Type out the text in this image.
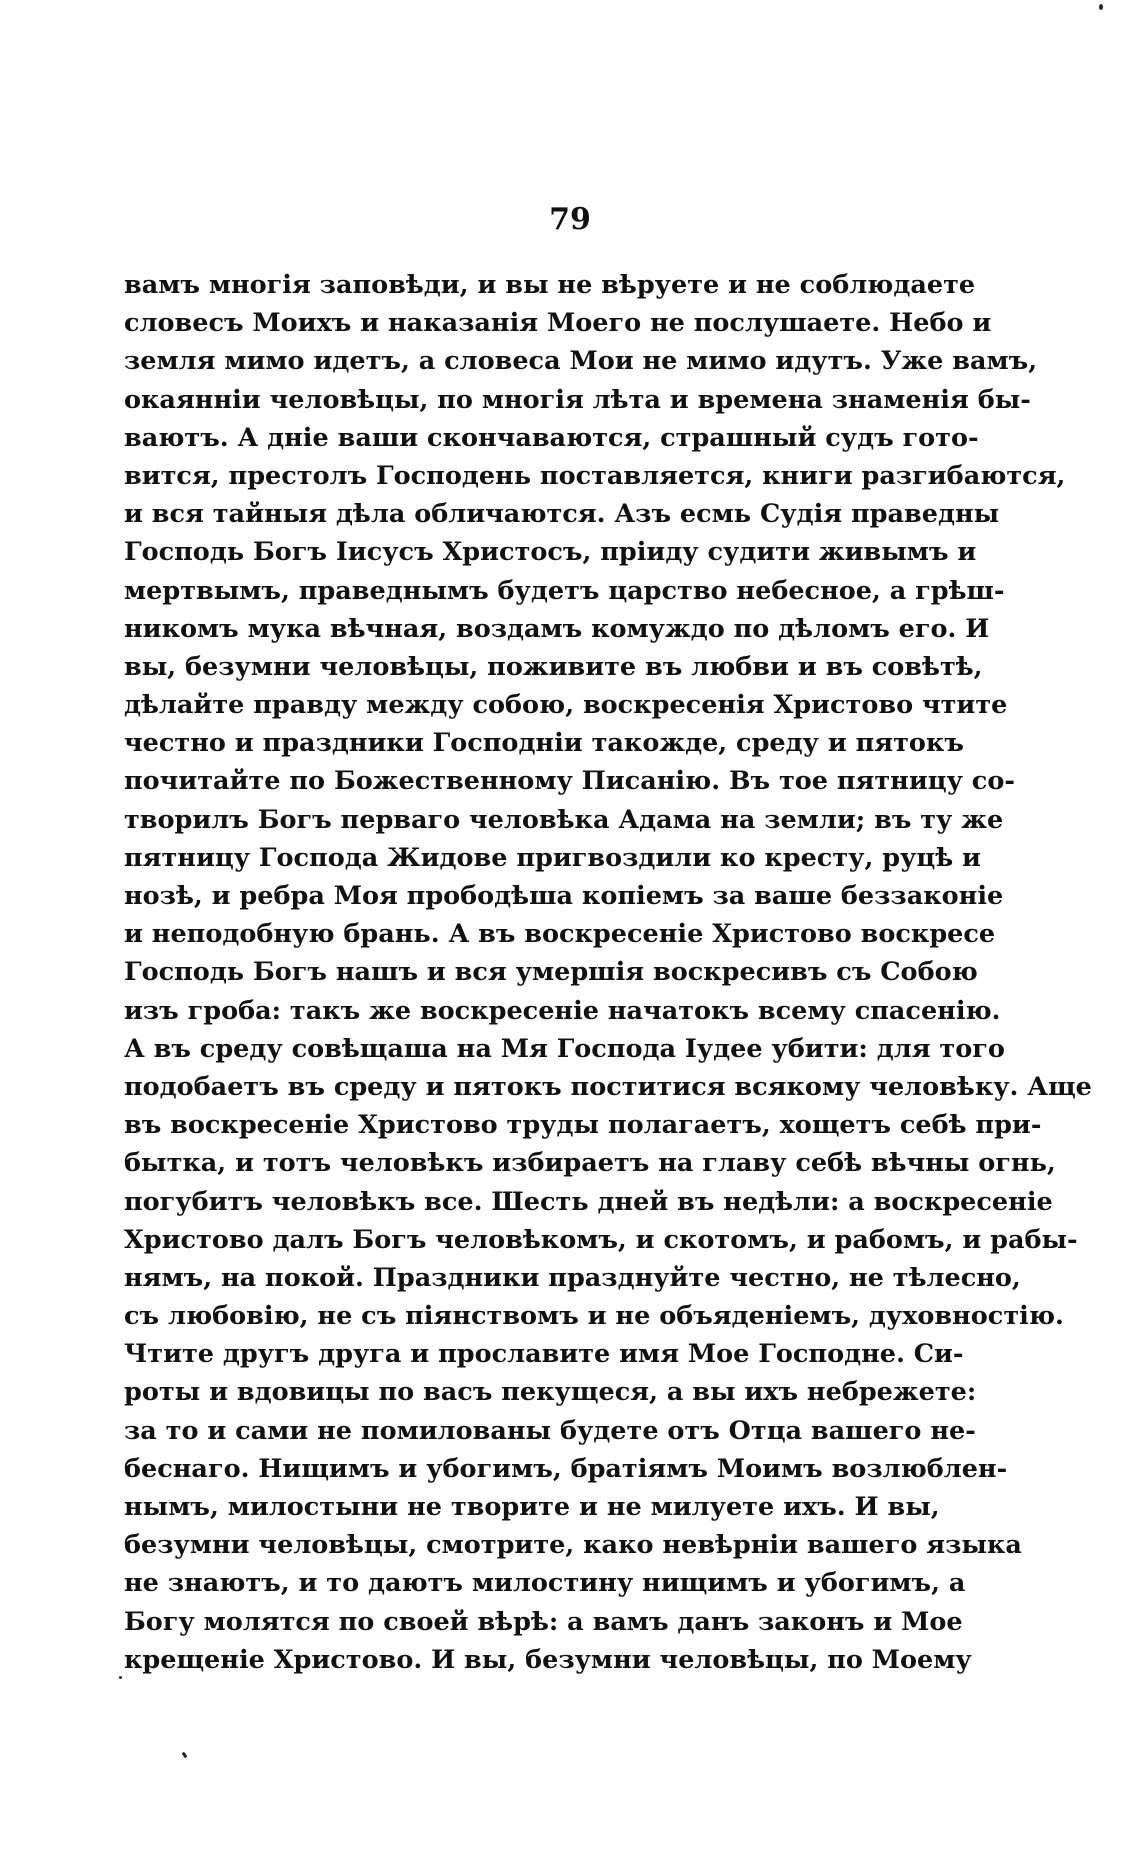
79
вамъ многія заповѣди, и вы не вѣруете и не соблюдаете
словесъ Моихъ и наказанія Моего не послушаете. Небо и
земля мимо идетъ, а словеса Мои не мимо идутъ. Уже вамъ,
окаянніи человѣцы, по многія лѣта и времена знаменія бы-
ваютъ. А дніе ваши скончаваются, страшный судъ гото-
вится, престолъ Господень поставляется, книги разгибаются,
и вся тайныя дѣла обличаются. Азъ есмь Судія праведны
Господь Богъ Іисусъ Христосъ, пріиду судити живымъ и
мертвымъ, праведнымъ будетъ царство небесное, а грѣш-
никомъ мука вѣчная, воздамъ комуждо по дѣломъ его. И
вы, безумни человѣцы, поживите въ любви и въ совѣтѣ,
дѣлайте правду между собою, воскресенія Христово чтите
честно и праздники Господніи такожде, среду и пятокъ
почитайте по Божественному Писанію. Въ тое пятницу со-
творилъ Богъ перваго человѣка Адама на земли; въ ту же
пятницу Господа Жидове пригвоздили ко кресту, руцѣ и
нозѣ, и ребра Моя прободѣша копіемъ за ваше беззаконіе
и неподобную брань. А въ воскресеніе Христово воскресе
Господь Богъ нашъ и вся умершія воскресивъ съ Собою
изъ гроба: такъ же воскресеніе начатокъ всему спасенію.
А въ среду совѣщаша на Мя Господа Іудее убити: для того
подобаетъ въ среду и пятокъ поститися всякому человѣку. Аще
въ воскресеніе Христово труды полагаетъ, хощетъ себѣ при-
бытка, и тотъ человѣкъ избираетъ на главу себѣ вѣчны огнь,
погубитъ человѣкъ все. Шесть дней въ недѣли: а воскресеніе
Христово далъ Богъ человѣкомъ, и скотомъ, и рабомъ, и рабы-
нямъ, на покой. Праздники празднуйте честно, не тѣлесно,
съ любовію, не съ піянствомъ и не объяденіемъ, духовностію.
Чтите другъ друга и прославите имя Мое Господне. Си-
роты и вдовицы по васъ пекущеся, а вы ихъ небрежете:
за то и сами не помилованы будете отъ Отца вашего не-
беснаго. Нищимъ и убогимъ, братіямъ Моимъ возлюблен-
нымъ, милостыни не творите и не милуете ихъ. И вы,
безумни человѣцы, смотрите, како невѣрніи вашего языка
не знаютъ, и то даютъ милостину нищимъ и убогимъ, а
Богу молятся по своей вѣрѣ: а вамъ данъ законъ и Мое
крещеніе Христово. И вы, безумни человѣцы, по Моему
